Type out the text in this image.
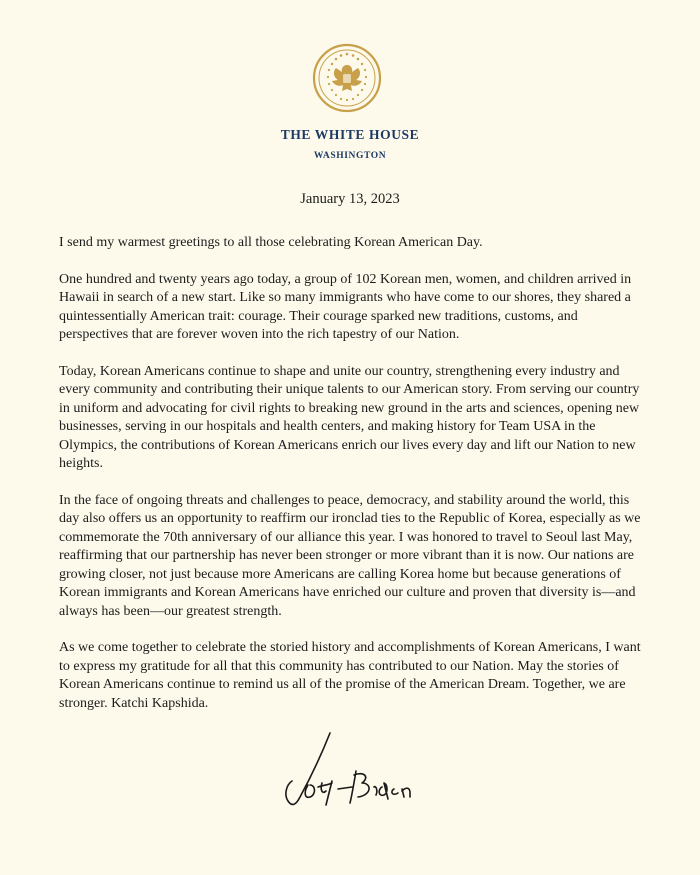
THE WHITE HOUSE
WASHINGTON
January 13, 2023

I send my warmest greetings to all those celebrating Korean American Day.

One hundred and twenty years ago today, a group of 102 Korean men, women, and children arrived in Hawaii in search of a new start. Like so many immigrants who have come to our shores, they shared a quintessentially American trait: courage. Their courage sparked new traditions, customs, and perspectives that are forever woven into the rich tapestry of our Nation.

Today, Korean Americans continue to shape and unite our country, strengthening every industry and every community and contributing their unique talents to our American story. From serving our country in uniform and advocating for civil rights to breaking new ground in the arts and sciences, opening new businesses, serving in our hospitals and health centers, and making history for Team USA in the Olympics, the contributions of Korean Americans enrich our lives every day and lift our Nation to new heights.

In the face of ongoing threats and challenges to peace, democracy, and stability around the world, this day also offers us an opportunity to reaffirm our ironclad ties to the Republic of Korea, especially as we commemorate the 70th anniversary of our alliance this year. I was honored to travel to Seoul last May, reaffirming that our partnership has never been stronger or more vibrant than it is now. Our nations are growing closer, not just because more Americans are calling Korea home but because generations of Korean immigrants and Korean Americans have enriched our culture and proven that diversity is—and always has been—our greatest strength.

As we come together to celebrate the storied history and accomplishments of Korean Americans, I want to express my gratitude for all that this community has contributed to our Nation. May the stories of Korean Americans continue to remind us all of the promise of the American Dream. Together, we are stronger. Katchi Kapshida.
